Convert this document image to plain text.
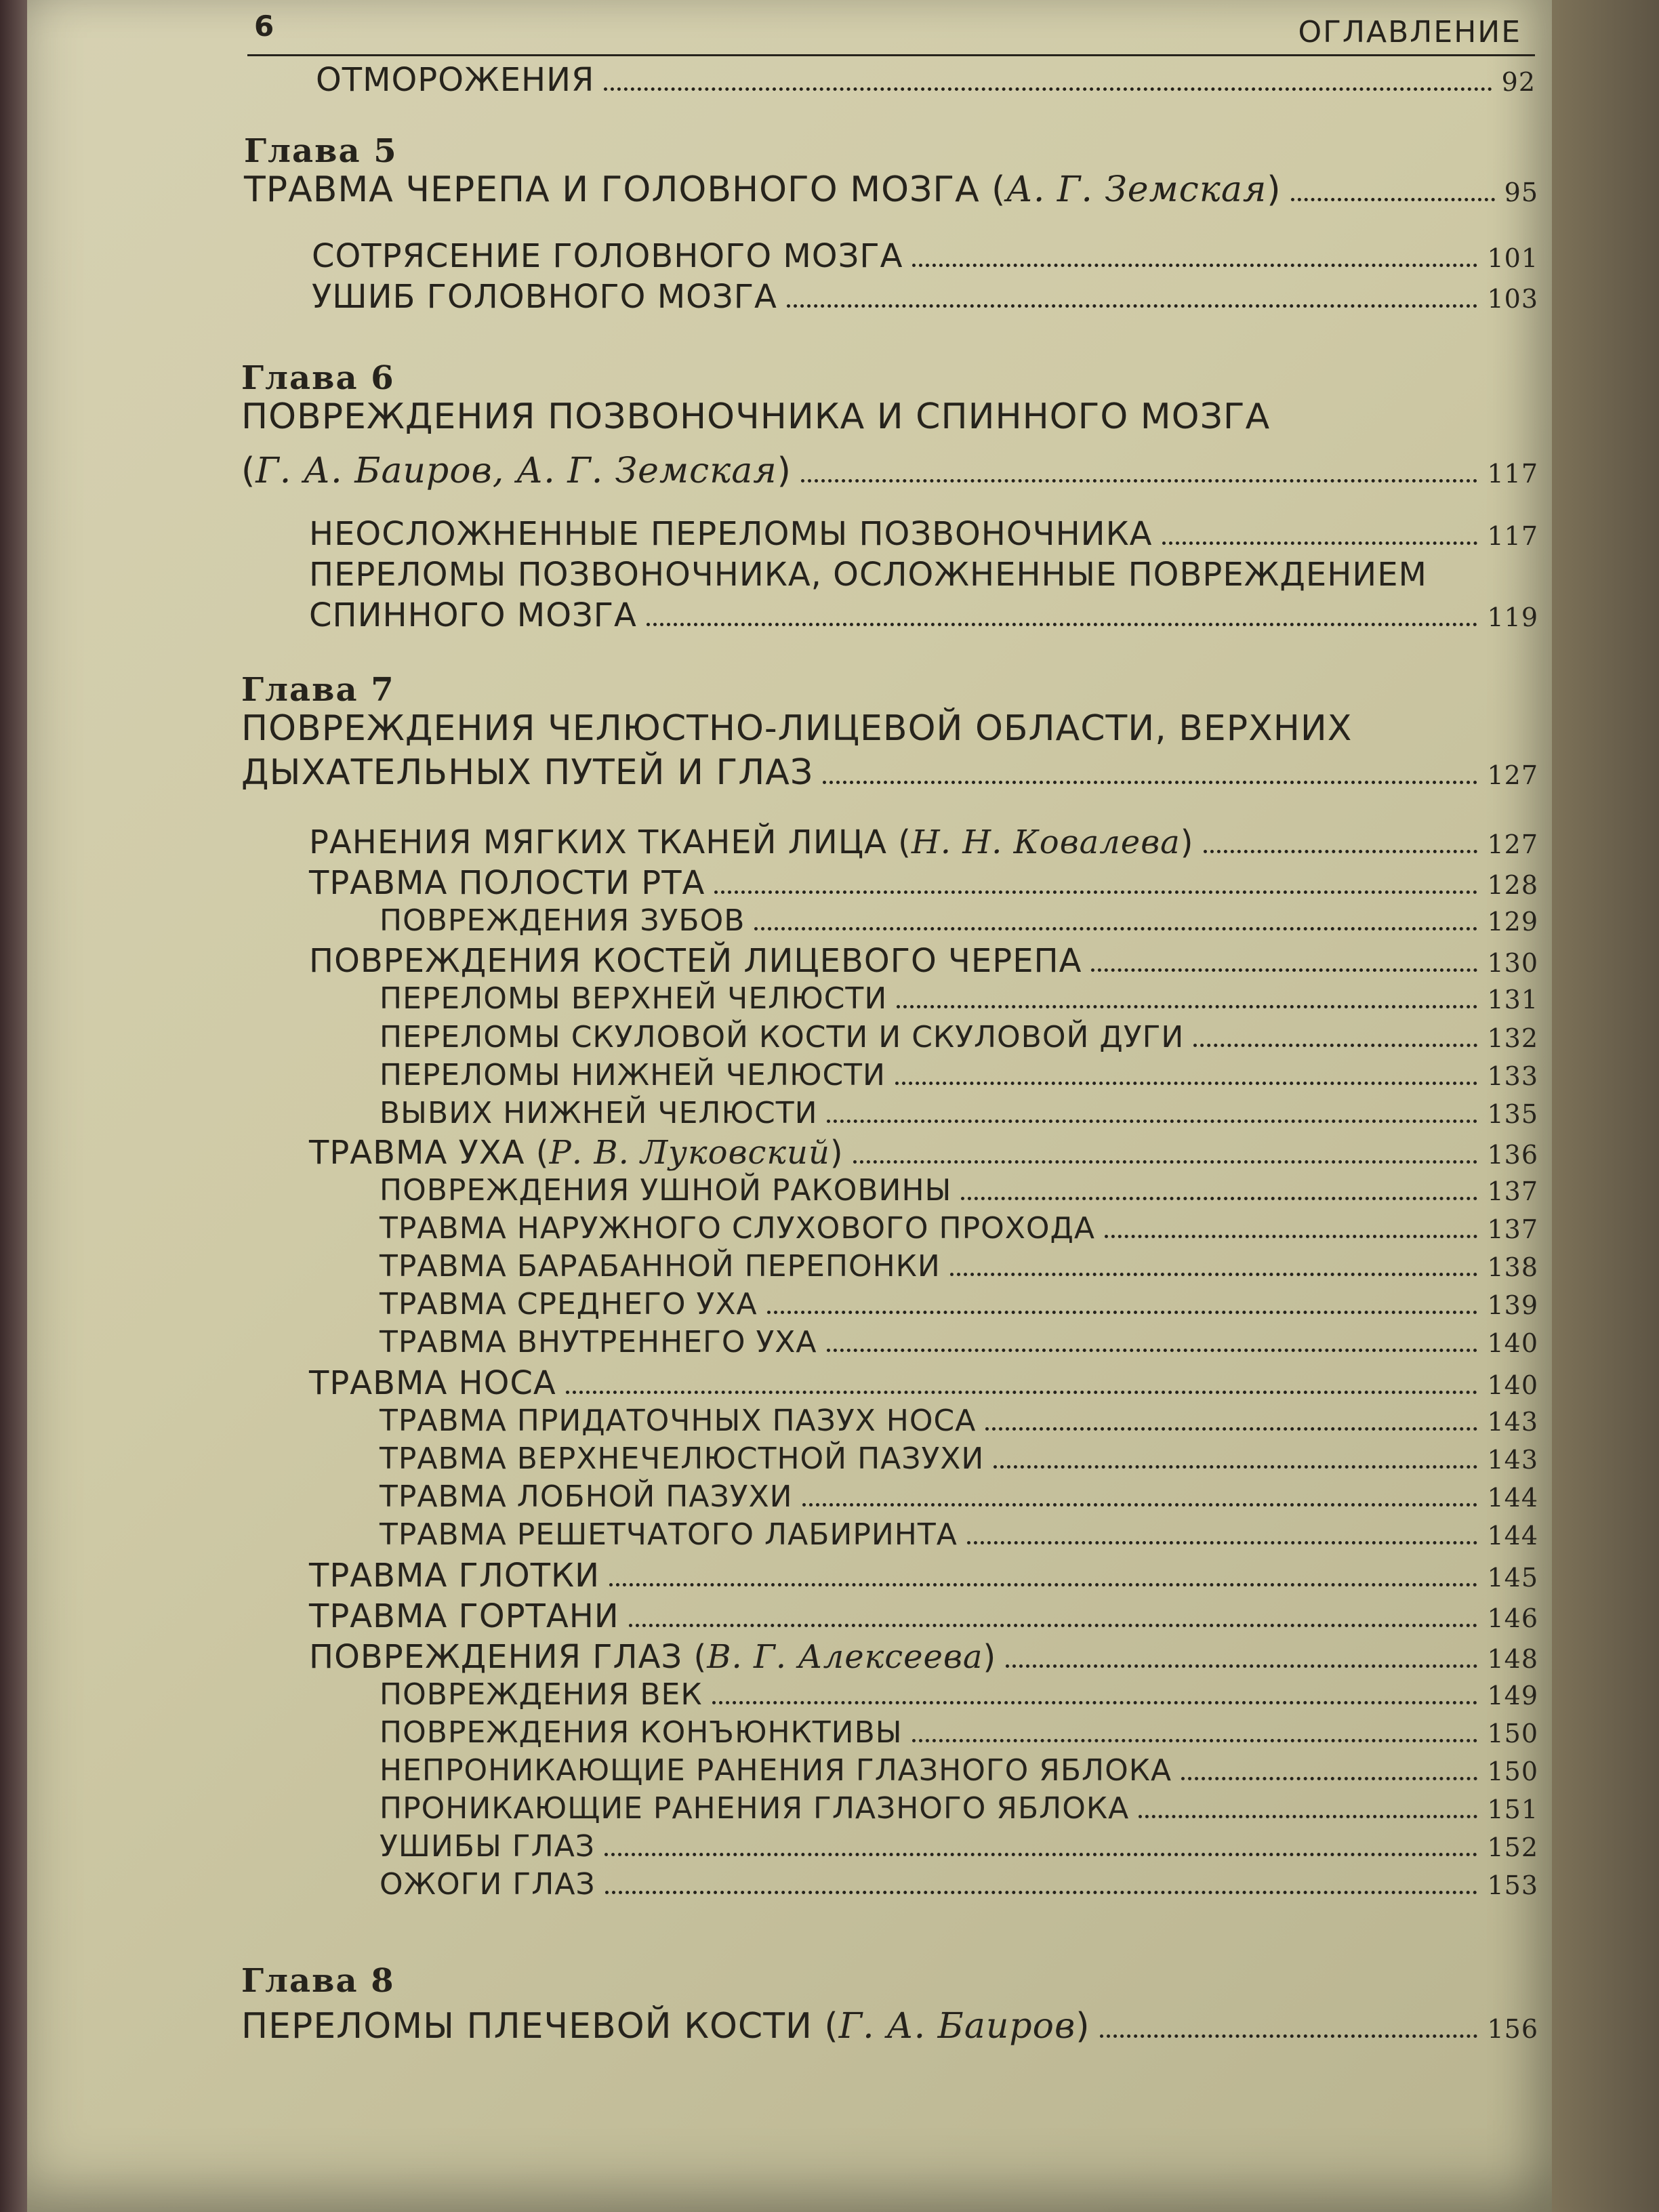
6	ОГЛАВЛЕНИЕ
ОТМОРОЖЕНИЯ	92
Глава 5
ТРАВМА ЧЕРЕПА И ГОЛОВНОГО МОЗГА (А. Г. Земская)	95
СОТРЯСЕНИЕ ГОЛОВНОГО МОЗГА	101
УШИБ ГОЛОВНОГО МОЗГА	103
Глава 6
ПОВРЕЖДЕНИЯ ПОЗВОНОЧНИКА И СПИННОГО МОЗГА
(Г. А. Баиров, А. Г. Земская)	117
НЕОСЛОЖНЕННЫЕ ПЕРЕЛОМЫ ПОЗВОНОЧНИКА	117
ПЕРЕЛОМЫ ПОЗВОНОЧНИКА, ОСЛОЖНЕННЫЕ ПОВРЕЖДЕНИЕМ
СПИННОГО МОЗГА	119
Глава 7
ПОВРЕЖДЕНИЯ ЧЕЛЮСТНО-ЛИЦЕВОЙ ОБЛАСТИ, ВЕРХНИХ
ДЫХАТЕЛЬНЫХ ПУТЕЙ И ГЛАЗ	127
РАНЕНИЯ МЯГКИХ ТКАНЕЙ ЛИЦА (Н. Н. Ковалева)	127
ТРАВМА ПОЛОСТИ РТА	128
ПОВРЕЖДЕНИЯ ЗУБОВ	129
ПОВРЕЖДЕНИЯ КОСТЕЙ ЛИЦЕВОГО ЧЕРЕПА	130
ПЕРЕЛОМЫ ВЕРХНЕЙ ЧЕЛЮСТИ	131
ПЕРЕЛОМЫ СКУЛОВОЙ КОСТИ И СКУЛОВОЙ ДУГИ	132
ПЕРЕЛОМЫ НИЖНЕЙ ЧЕЛЮСТИ	133
ВЫВИХ НИЖНЕЙ ЧЕЛЮСТИ	135
ТРАВМА УХА (Р. В. Луковский)	136
ПОВРЕЖДЕНИЯ УШНОЙ РАКОВИНЫ	137
ТРАВМА НАРУЖНОГО СЛУХОВОГО ПРОХОДА	137
ТРАВМА БАРАБАННОЙ ПЕРЕПОНКИ	138
ТРАВМА СРЕДНЕГО УХА	139
ТРАВМА ВНУТРЕННЕГО УХА	140
ТРАВМА НОСА	140
ТРАВМА ПРИДАТОЧНЫХ ПАЗУХ НОСА	143
ТРАВМА ВЕРХНЕЧЕЛЮСТНОЙ ПАЗУХИ	143
ТРАВМА ЛОБНОЙ ПАЗУХИ	144
ТРАВМА РЕШЕТЧАТОГО ЛАБИРИНТА	144
ТРАВМА ГЛОТКИ	145
ТРАВМА ГОРТАНИ	146
ПОВРЕЖДЕНИЯ ГЛАЗ (В. Г. Алексеева)	148
ПОВРЕЖДЕНИЯ ВЕК	149
ПОВРЕЖДЕНИЯ КОНЪЮНКТИВЫ	150
НЕПРОНИКАЮЩИЕ РАНЕНИЯ ГЛАЗНОГО ЯБЛОКА	150
ПРОНИКАЮЩИЕ РАНЕНИЯ ГЛАЗНОГО ЯБЛОКА	151
УШИБЫ ГЛАЗ	152
ОЖОГИ ГЛАЗ	153
Глава 8
ПЕРЕЛОМЫ ПЛЕЧЕВОЙ КОСТИ (Г. А. Баиров)	156
